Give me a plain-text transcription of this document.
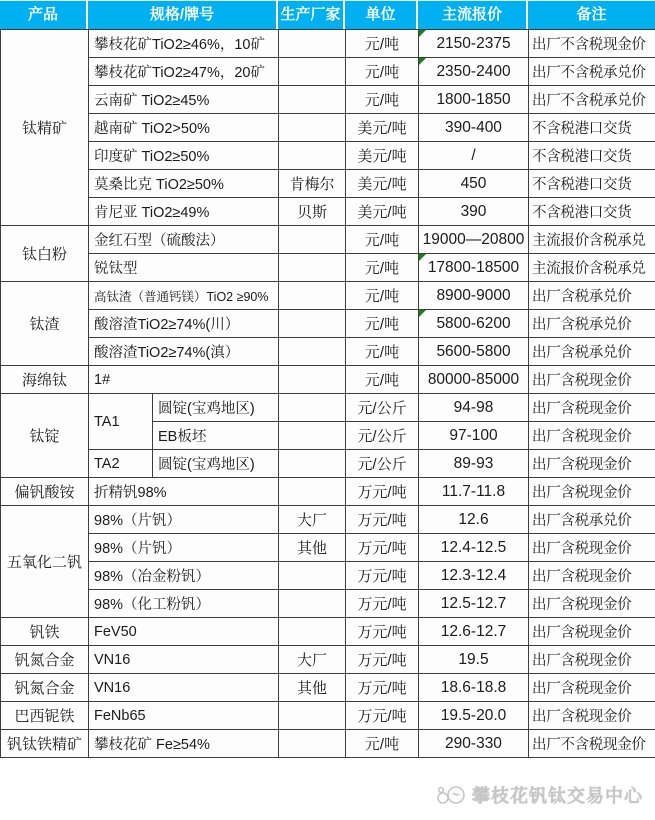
产品	规格/牌号	生产厂家	单位	主流报价	备注
钛精矿	攀枝花矿TiO2≥46%，10矿			元/吨	2150-2375	出厂不含税现金价
	攀枝花矿TiO2≥47%，20矿			元/吨	2350-2400	出厂不含税承兑价
	云南矿 TiO2≥45%			元/吨	1800-1850	出厂不含税承兑价
	越南矿 TiO2>50%			美元/吨	390-400	不含税港口交货
	印度矿 TiO2≥50%			美元/吨	/	不含税港口交货
	莫桑比克 TiO2≥50%		肯梅尔	美元/吨	450	不含税港口交货
	肯尼亚 TiO2≥49%		贝斯	美元/吨	390	不含税港口交货
钛白粉	金红石型（硫酸法）			元/吨	19000—20800	主流报价含税承兑
	锐钛型			元/吨	17800-18500	主流报价含税承兑
钛渣	高钛渣（普通钙镁）TiO2 ≥90%			元/吨	8900-9000	出厂含税承兑价
	酸溶渣TiO2≥74%(川）			元/吨	5800-6200	出厂含税承兑价
	酸溶渣TiO2≥74%(滇）			元/吨	5600-5800	出厂含税承兑价
海绵钛	1#			元/吨	80000-85000	出厂含税现金价
钛锭	TA1	圆锭(宝鸡地区)		元/公斤	94-98	出厂含税现金价
		EB板坯		元/公斤	97-100	出厂含税现金价
	TA2	圆锭(宝鸡地区)		元/公斤	89-93	出厂含税现金价
偏钒酸铵	折精钒98%			万元/吨	11.7-11.8	出厂含税现金价
五氧化二钒	98%（片钒）		大厂	万元/吨	12.6	出厂含税承兑价
	98%（片钒）		其他	万元/吨	12.4-12.5	出厂含税现金价
	98%（冶金粉钒）			万元/吨	12.3-12.4	出厂含税现金价
	98%（化工粉钒）			万元/吨	12.5-12.7	出厂含税现金价
钒铁	FeV50			万元/吨	12.6-12.7	出厂含税现金价
钒氮合金	VN16		大厂	万元/吨	19.5	出厂含税现金价
钒氮合金	VN16		其他	万元/吨	18.6-18.8	出厂含税现金价
巴西铌铁	FeNb65			万元/吨	19.5-20.0	出厂含税现金价
钒钛铁精矿	攀枝花矿 Fe≥54%			元/吨	290-330	出厂不含税现金价
攀枝花钒钛交易中心
